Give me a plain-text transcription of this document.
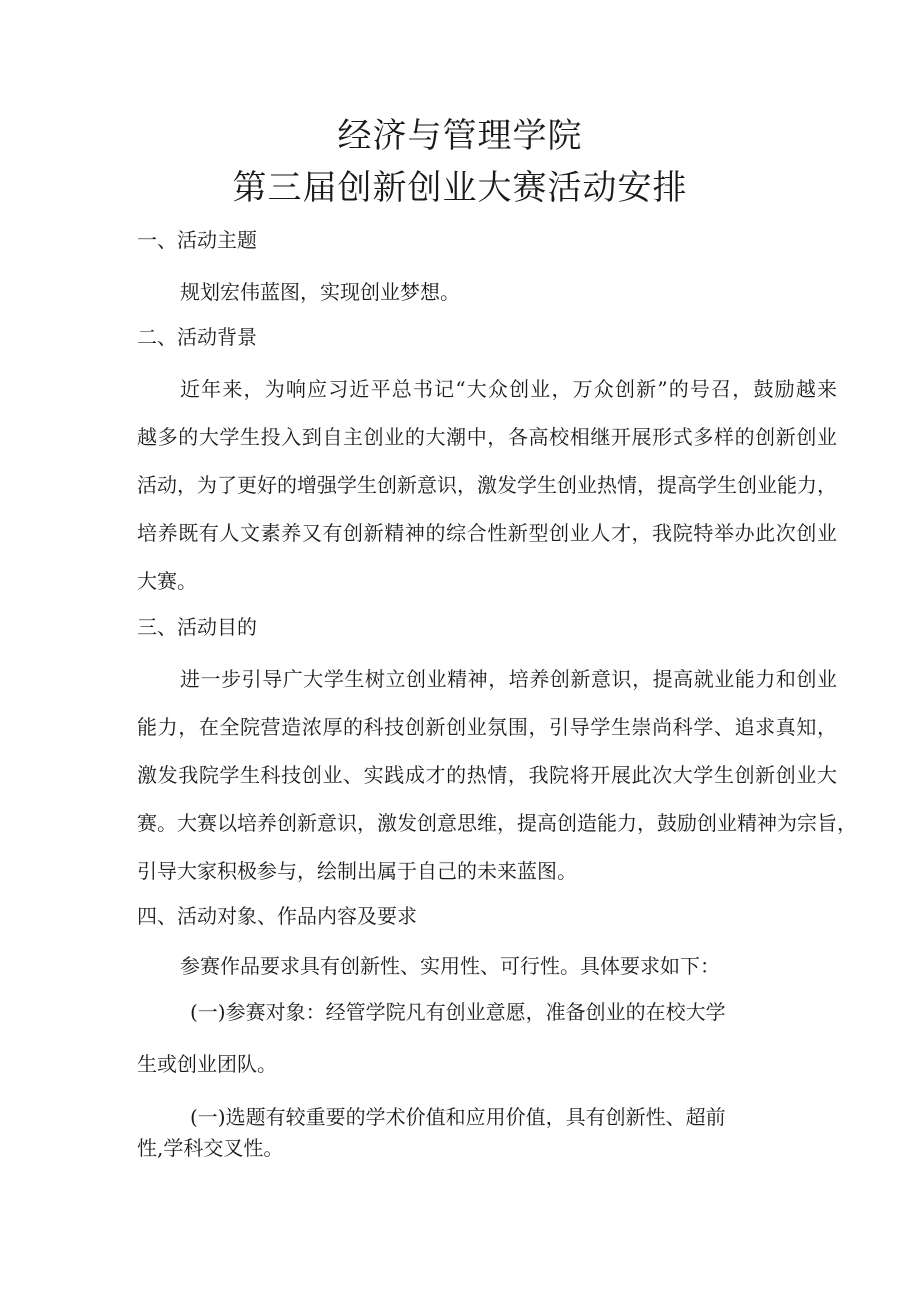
经济与管理学院
第三届创新创业大赛活动安排
一、活动主题
规划宏伟蓝图，实现创业梦想。
二、活动背景
近年来，为响应习近平总书记“大众创业，万众创新”的号召，鼓励越来
越多的大学生投入到自主创业的大潮中，各高校相继开展形式多样的创新创业
活动，为了更好的增强学生创新意识，激发学生创业热情，提高学生创业能力，
培养既有人文素养又有创新精神的综合性新型创业人才，我院特举办此次创业
大赛。
三、活动目的
进一步引导广大学生树立创业精神，培养创新意识，提高就业能力和创业
能力，在全院营造浓厚的科技创新创业氛围，引导学生崇尚科学、追求真知，
激发我院学生科技创业、实践成才的热情，我院将开展此次大学生创新创业大
赛。大赛以培养创新意识，激发创意思维，提高创造能力，鼓励创业精神为宗旨，
引导大家积极参与，绘制出属于自己的未来蓝图。
四、活动对象、作品内容及要求
参赛作品要求具有创新性、实用性、可行性。具体要求如下：
(一)参赛对象：经管学院凡有创业意愿，准备创业的在校大学
生或创业团队。
(一)选题有较重要的学术价值和应用价值，具有创新性、超前
性,学科交叉性。
